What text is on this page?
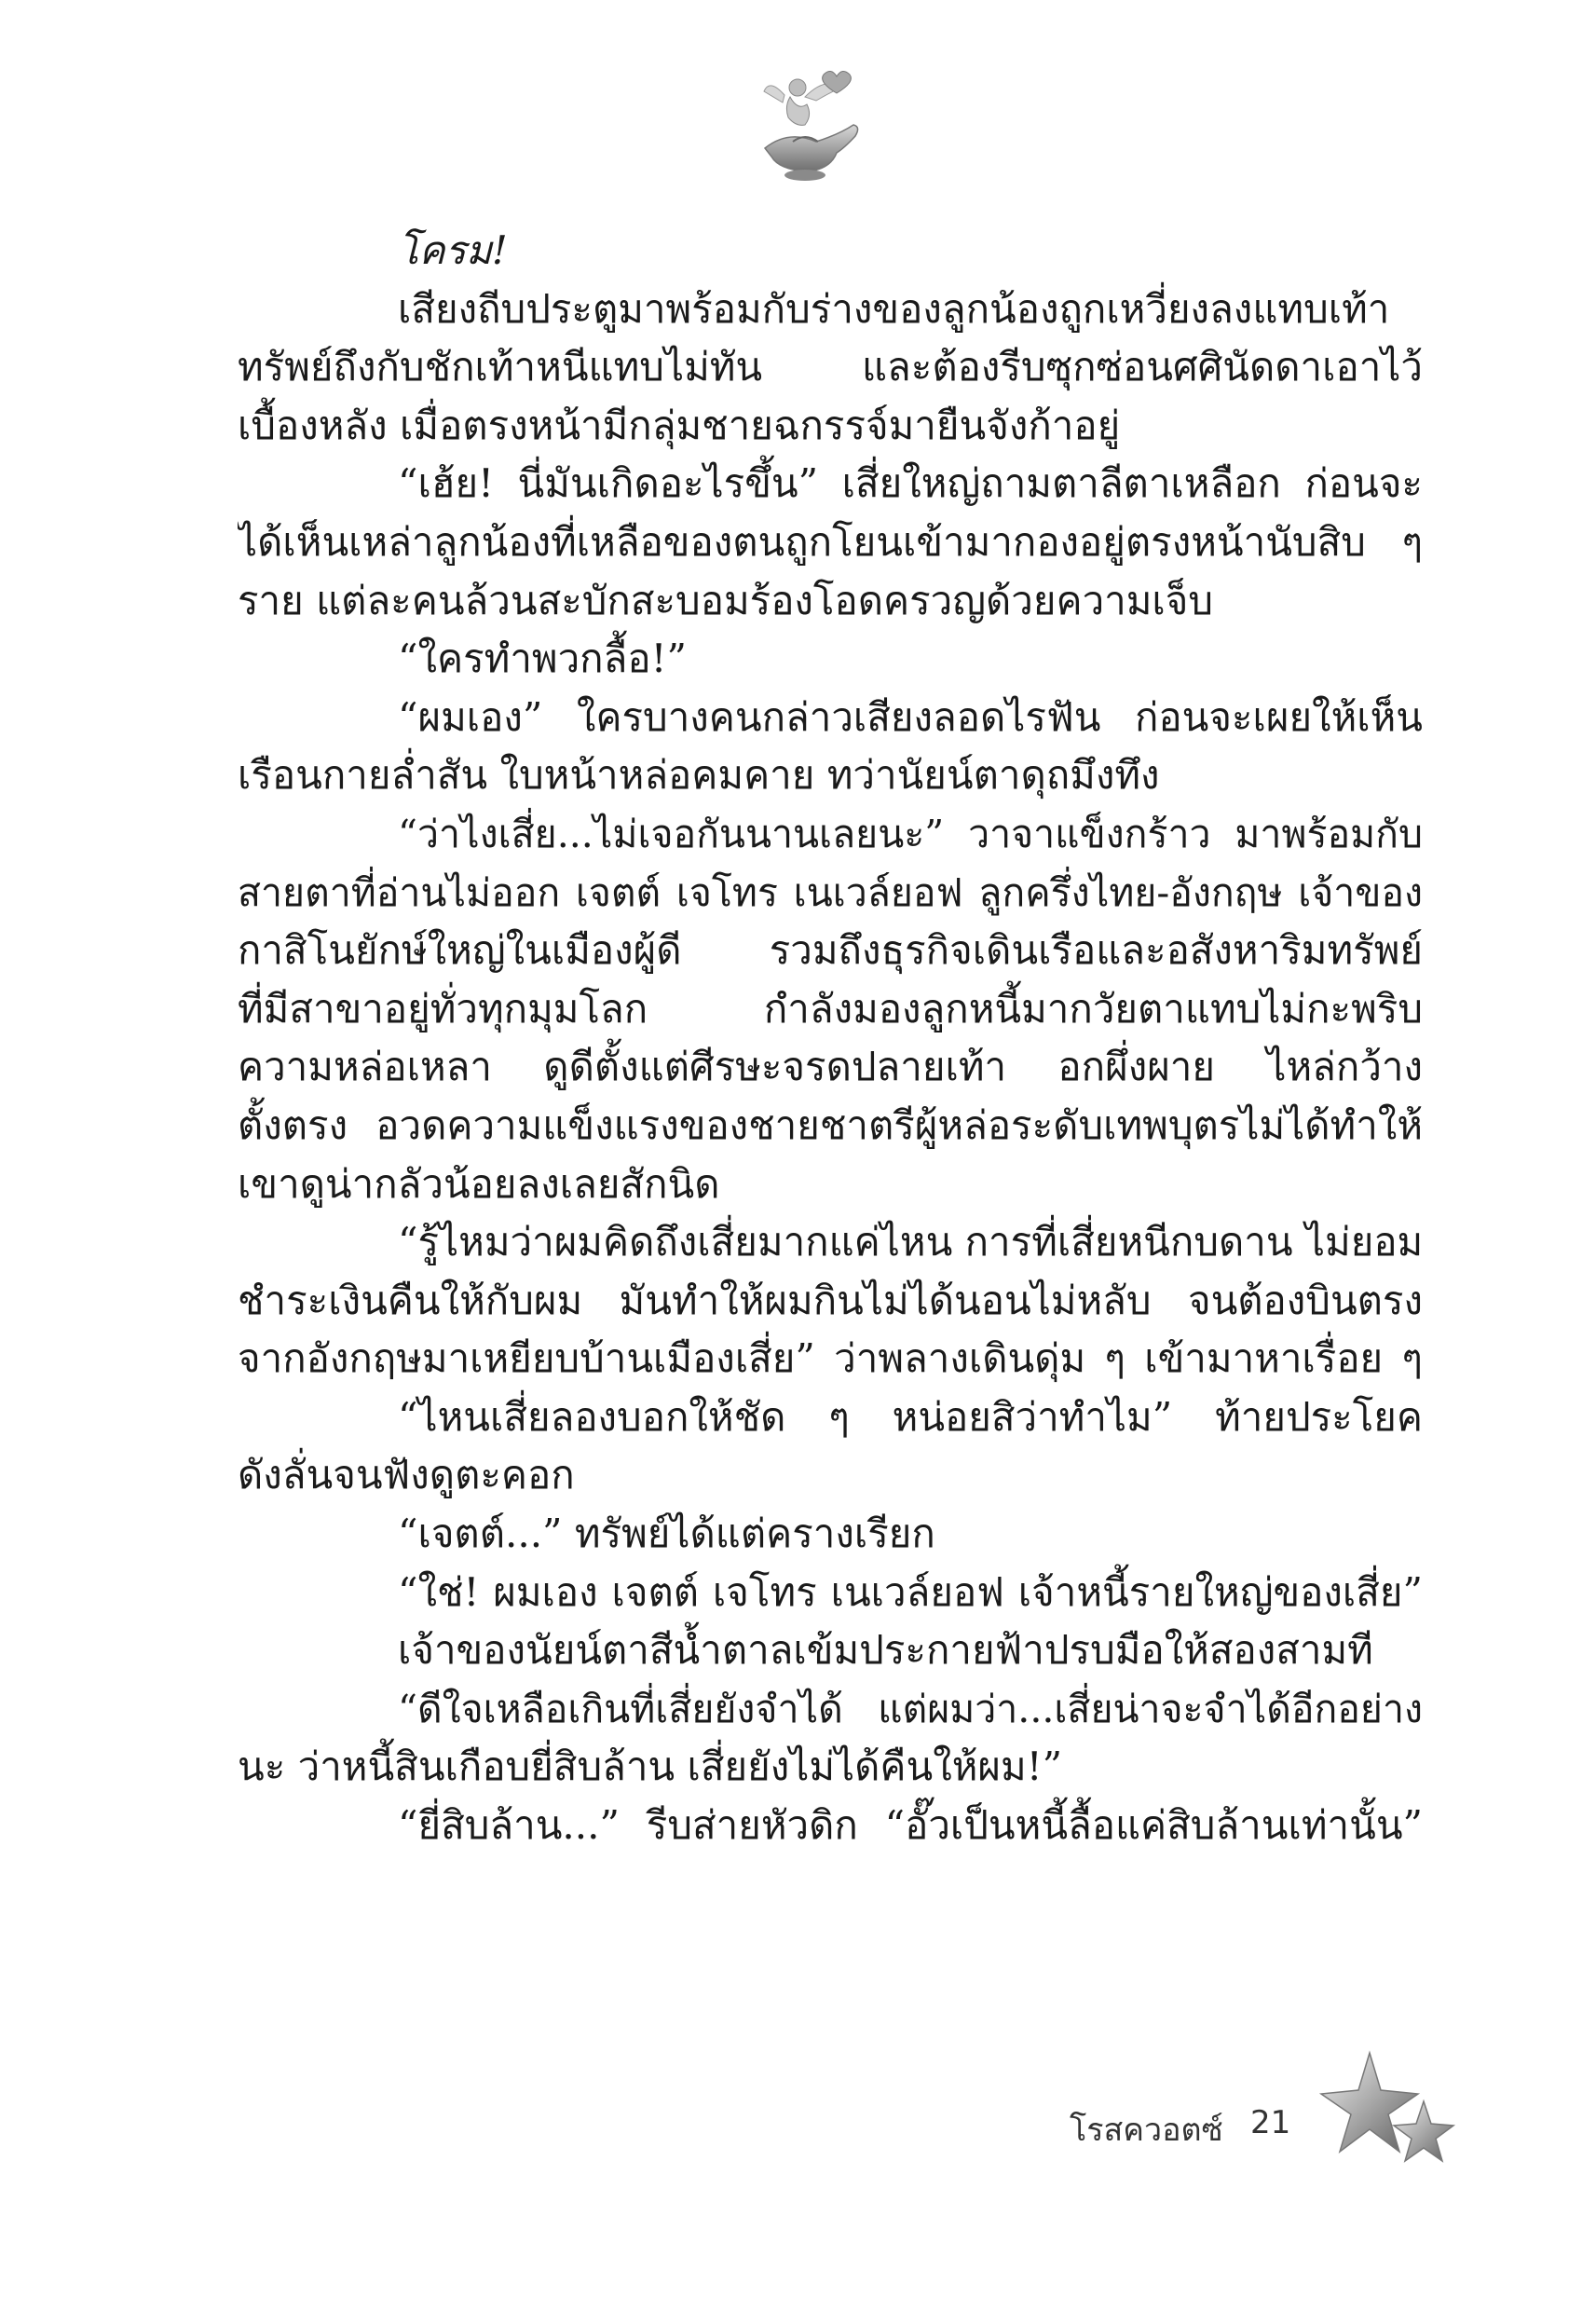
โครม!
เสียงถีบประตูมาพร้อมกับร่างของลูกน้องถูกเหวี่ยงลงแทบเท้า
ทรัพย์ถึงกับชักเท้าหนีแทบไม่ทัน และต้องรีบซุกซ่อนศศินัดดาเอาไว้
เบื้องหลัง เมื่อตรงหน้ามีกลุ่มชายฉกรรจ์มายืนจังก้าอยู่
“เฮ้ย! นี่มันเกิดอะไรขึ้น” เสี่ยใหญ่ถามตาลีตาเหลือก ก่อนจะ
ได้เห็นเหล่าลูกน้องที่เหลือของตนถูกโยนเข้ามากองอยู่ตรงหน้านับสิบ ๆ
ราย แต่ละคนล้วนสะบักสะบอมร้องโอดครวญด้วยความเจ็บ
“ใครทำพวกลื้อ!”
“ผมเอง” ใครบางคนกล่าวเสียงลอดไรฟัน ก่อนจะเผยให้เห็น
เรือนกายล่ำสัน ใบหน้าหล่อคมคาย ทว่านัยน์ตาดุถมึงทึง
“ว่าไงเสี่ย...ไม่เจอกันนานเลยนะ” วาจาแข็งกร้าว มาพร้อมกับ
สายตาที่อ่านไม่ออก เจตต์ เจโทร เนเวล์ยอฟ ลูกครึ่งไทย-อังกฤษ เจ้าของ
กาสิโนยักษ์ใหญ่ในเมืองผู้ดี รวมถึงธุรกิจเดินเรือและอสังหาริมทรัพย์
ที่มีสาขาอยู่ทั่วทุกมุมโลก กำลังมองลูกหนี้มากวัยตาแทบไม่กะพริบ
ความหล่อเหลา ดูดีตั้งแต่ศีรษะจรดปลายเท้า อกผึ่งผาย ไหล่กว้าง
ตั้งตรง อวดความแข็งแรงของชายชาตรีผู้หล่อระดับเทพบุตรไม่ได้ทำให้
เขาดูน่ากลัวน้อยลงเลยสักนิด
“รู้ไหมว่าผมคิดถึงเสี่ยมากแค่ไหน การที่เสี่ยหนีกบดาน ไม่ยอม
ชำระเงินคืนให้กับผม มันทำให้ผมกินไม่ได้นอนไม่หลับ จนต้องบินตรง
จากอังกฤษมาเหยียบบ้านเมืองเสี่ย” ว่าพลางเดินดุ่ม ๆ เข้ามาหาเรื่อย ๆ
“ไหนเสี่ยลองบอกให้ชัด ๆ หน่อยสิว่าทำไม” ท้ายประโยค
ดังลั่นจนฟังดูตะคอก
“เจตต์...” ทรัพย์ได้แต่ครางเรียก
“ใช่! ผมเอง เจตต์ เจโทร เนเวล์ยอฟ เจ้าหนี้รายใหญ่ของเสี่ย”
เจ้าของนัยน์ตาสีน้ำตาลเข้มประกายฟ้าปรบมือให้สองสามที
“ดีใจเหลือเกินที่เสี่ยยังจำได้ แต่ผมว่า...เสี่ยน่าจะจำได้อีกอย่าง
นะ ว่าหนี้สินเกือบยี่สิบล้าน เสี่ยยังไม่ได้คืนให้ผม!”
“ยี่สิบล้าน...” รีบส่ายหัวดิก “อั๊วเป็นหนี้ลื้อแค่สิบล้านเท่านั้น”
โรสควอตซ์ 21
